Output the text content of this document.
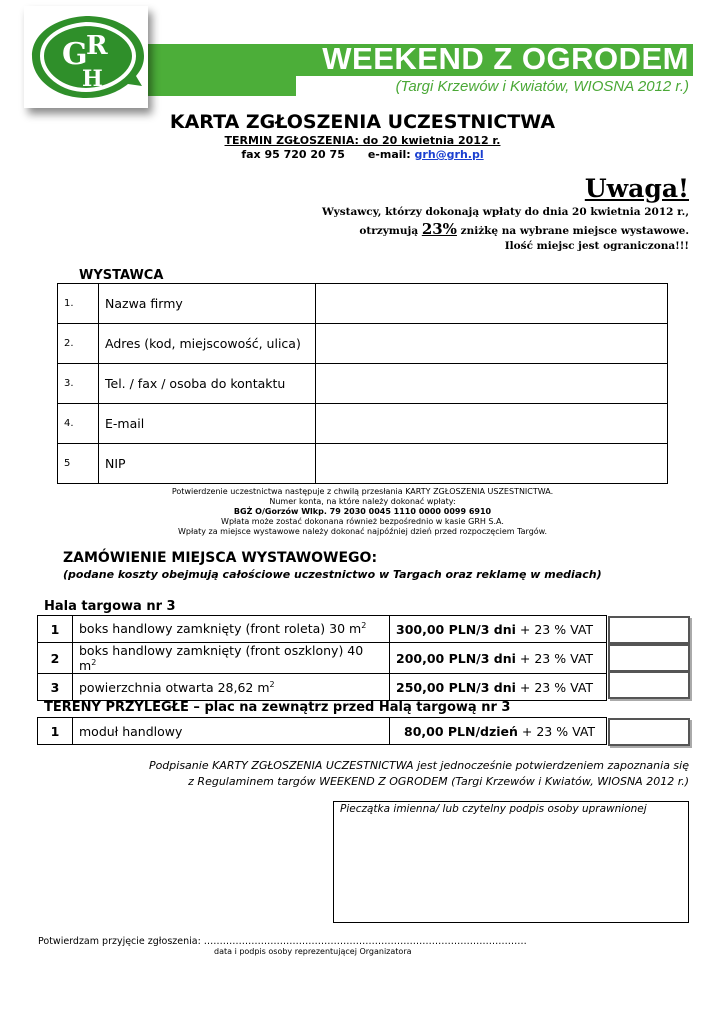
WEEKEND Z OGRODEM
(Targi Krzewów i Kwiatów, WIOSNA 2012 r.)
G
R
H
KARTA ZGŁOSZENIA UCZESTNICTWA
TERMIN ZGŁOSZENIA: do 20 kwietnia 2012 r.
fax 95 720 20 75 e-mail: grh@grh.pl
Uwaga!
Wystawcy, którzy dokonają wpłaty do dnia 20 kwietnia 2012 r.,
otrzymują 23% zniżkę na wybrane miejsce wystawowe.
Ilość miejsc jest ograniczona!!!
WYSTAWCA
1.	Nazwa firmy	
2.	Adres (kod, miejscowość, ulica)	
3.	Tel. / fax / osoba do kontaktu	
4.	E-mail	
5	NIP	
Potwierdzenie uczestnictwa następuje z chwilą przesłania KARTY ZGŁOSZENIA USZESTNICTWA.
Numer konta, na które należy dokonać wpłaty:
BGŻ O/Gorzów Wlkp. 79 2030 0045 1110 0000 0099 6910
Wpłata może zostać dokonana również bezpośrednio w kasie GRH S.A.
Wpłaty za miejsce wystawowe należy dokonać najpóźniej dzień przed rozpoczęciem Targów.
ZAMÓWIENIE MIEJSCA WYSTAWOWEGO:
(podane koszty obejmują całościowe uczestnictwo w Targach oraz reklamę w mediach)
Hala targowa nr 3
1	boks handlowy zamknięty (front roleta) 30 $m^2$	300,00 PLN/3 dni + 23 % VAT
2	boks handlowy zamknięty (front oszklony) 40 $m^2$	200,00 PLN/3 dni + 23 % VAT
3	powierzchnia otwarta 28,62 $m^2$	250,00 PLN/3 dni + 23 % VAT
TERENY PRZYLEGŁE – plac na zewnątrz przed Halą targową nr 3
1	moduł handlowy	80,00 PLN/dzień + 23 % VAT
Podpisanie KARTY ZGŁOSZENIA UCZESTNICTWA jest jednocześnie potwierdzeniem zapoznania się
z Regulaminem targów WEEKEND Z OGRODEM (Targi Krzewów i Kwiatów, WIOSNA 2012 r.)
Pieczątka imienna/ lub czytelny podpis osoby uprawnionej
Potwierdzam przyjęcie zgłoszenia: …………………………………………………………………………………………
data i podpis osoby reprezentującej Organizatora
